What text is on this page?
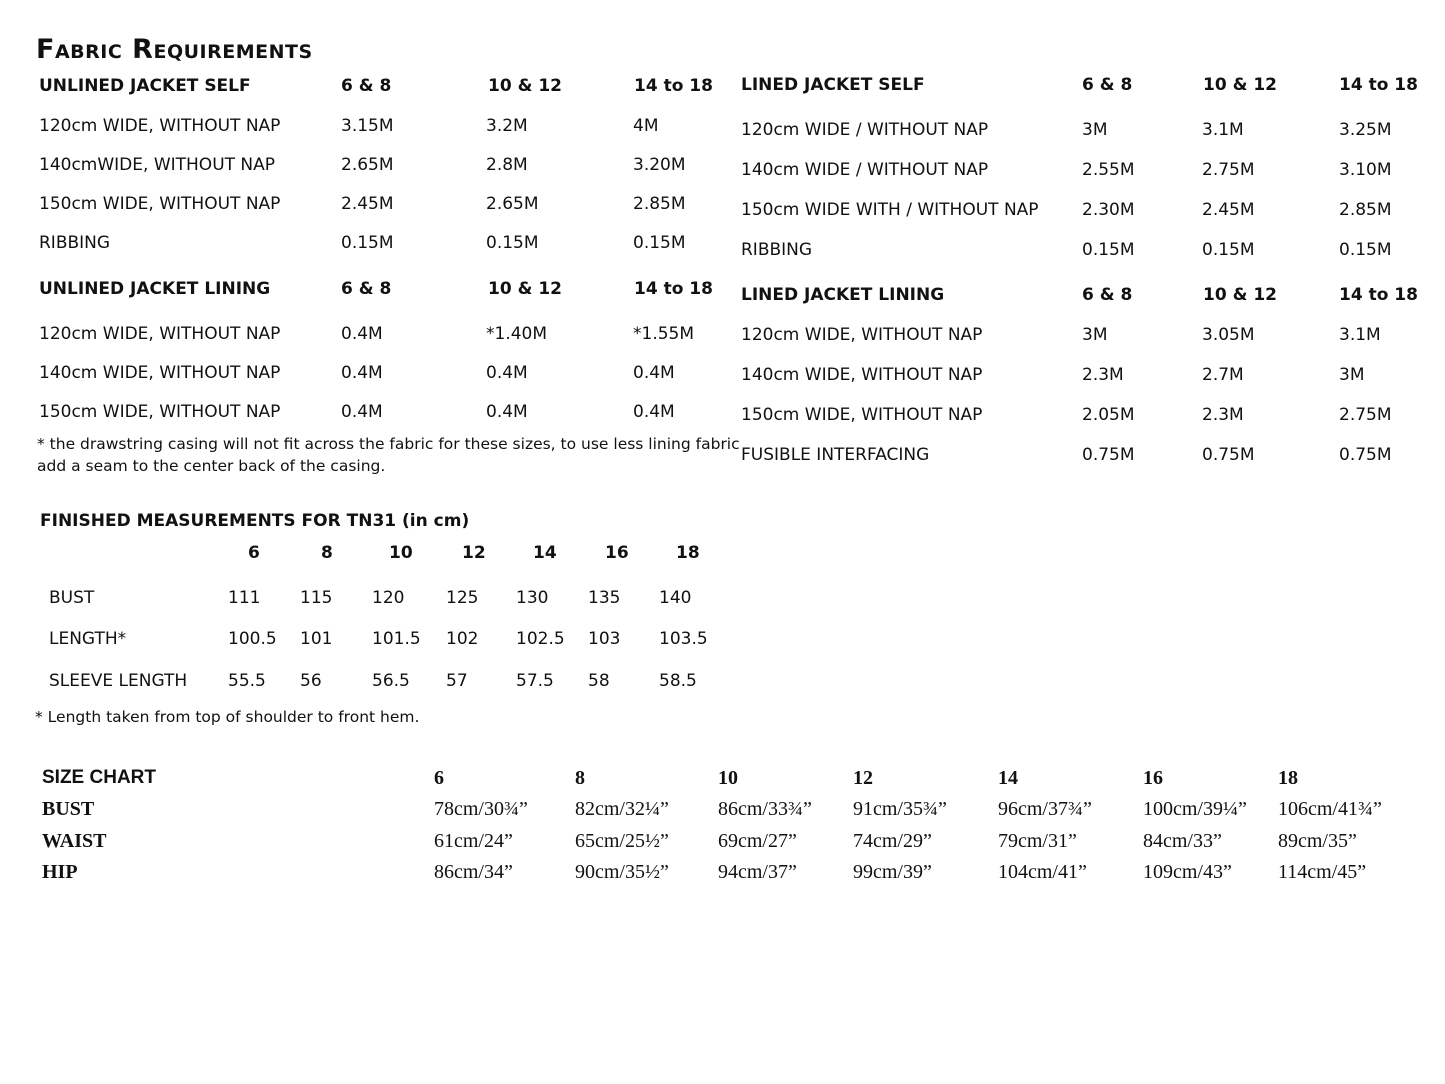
Fabric Requirements
UNLINED JACKET SELF	6 & 8	10 & 12	14 to 18
120cm WIDE, WITHOUT NAP	3.15M	3.2M	4M
140cmWIDE, WITHOUT NAP	2.65M	2.8M	3.20M
150cm WIDE, WITHOUT NAP	2.45M	2.65M	2.85M
RIBBING	0.15M	0.15M	0.15M
UNLINED JACKET LINING	6 & 8	10 & 12	14 to 18
120cm WIDE, WITHOUT NAP	0.4M	*1.40M	*1.55M
140cm WIDE, WITHOUT NAP	0.4M	0.4M	0.4M
150cm WIDE, WITHOUT NAP	0.4M	0.4M	0.4M
* the drawstring casing will not fit across the fabric for these sizes, to use less lining fabric
add a seam to the center back of the casing.
LINED JACKET SELF	6 & 8	10 & 12	14 to 18
120cm WIDE / WITHOUT NAP	3M	3.1M	3.25M
140cm WIDE / WITHOUT NAP	2.55M	2.75M	3.10M
150cm WIDE WITH / WITHOUT NAP	2.30M	2.45M	2.85M
RIBBING	0.15M	0.15M	0.15M
LINED JACKET LINING	6 & 8	10 & 12	14 to 18
120cm WIDE, WITHOUT NAP	3M	3.05M	3.1M
140cm WIDE, WITHOUT NAP	2.3M	2.7M	3M
150cm WIDE, WITHOUT NAP	2.05M	2.3M	2.75M
FUSIBLE INTERFACING	0.75M	0.75M	0.75M
FINISHED MEASUREMENTS FOR TN31 (in cm)
6	8	10	12	14	16	18
BUST	111 115 120 125 130 135 140
LENGTH*	100.5 101 101.5 102 102.5 103 103.5
SLEEVE LENGTH 55.5 56	56.5 57	57.5 58	58.5
* Length taken from top of shoulder to front hem.
SIZE CHART	6	8	10	12	14	16	18
BUST	78cm/30¾” 82cm/32¼” 86cm/33¾” 91cm/35¾”	96cm/37¾”	100cm/39¼” 106cm/41¾”
WAIST	61cm/24”	65cm/25½” 69cm/27”	74cm/29”	79cm/31”	84cm/33”	89cm/35”
HIP	86cm/34”	90cm/35½” 94cm/37”	99cm/39”	104cm/41”	109cm/43” 114cm/45”
